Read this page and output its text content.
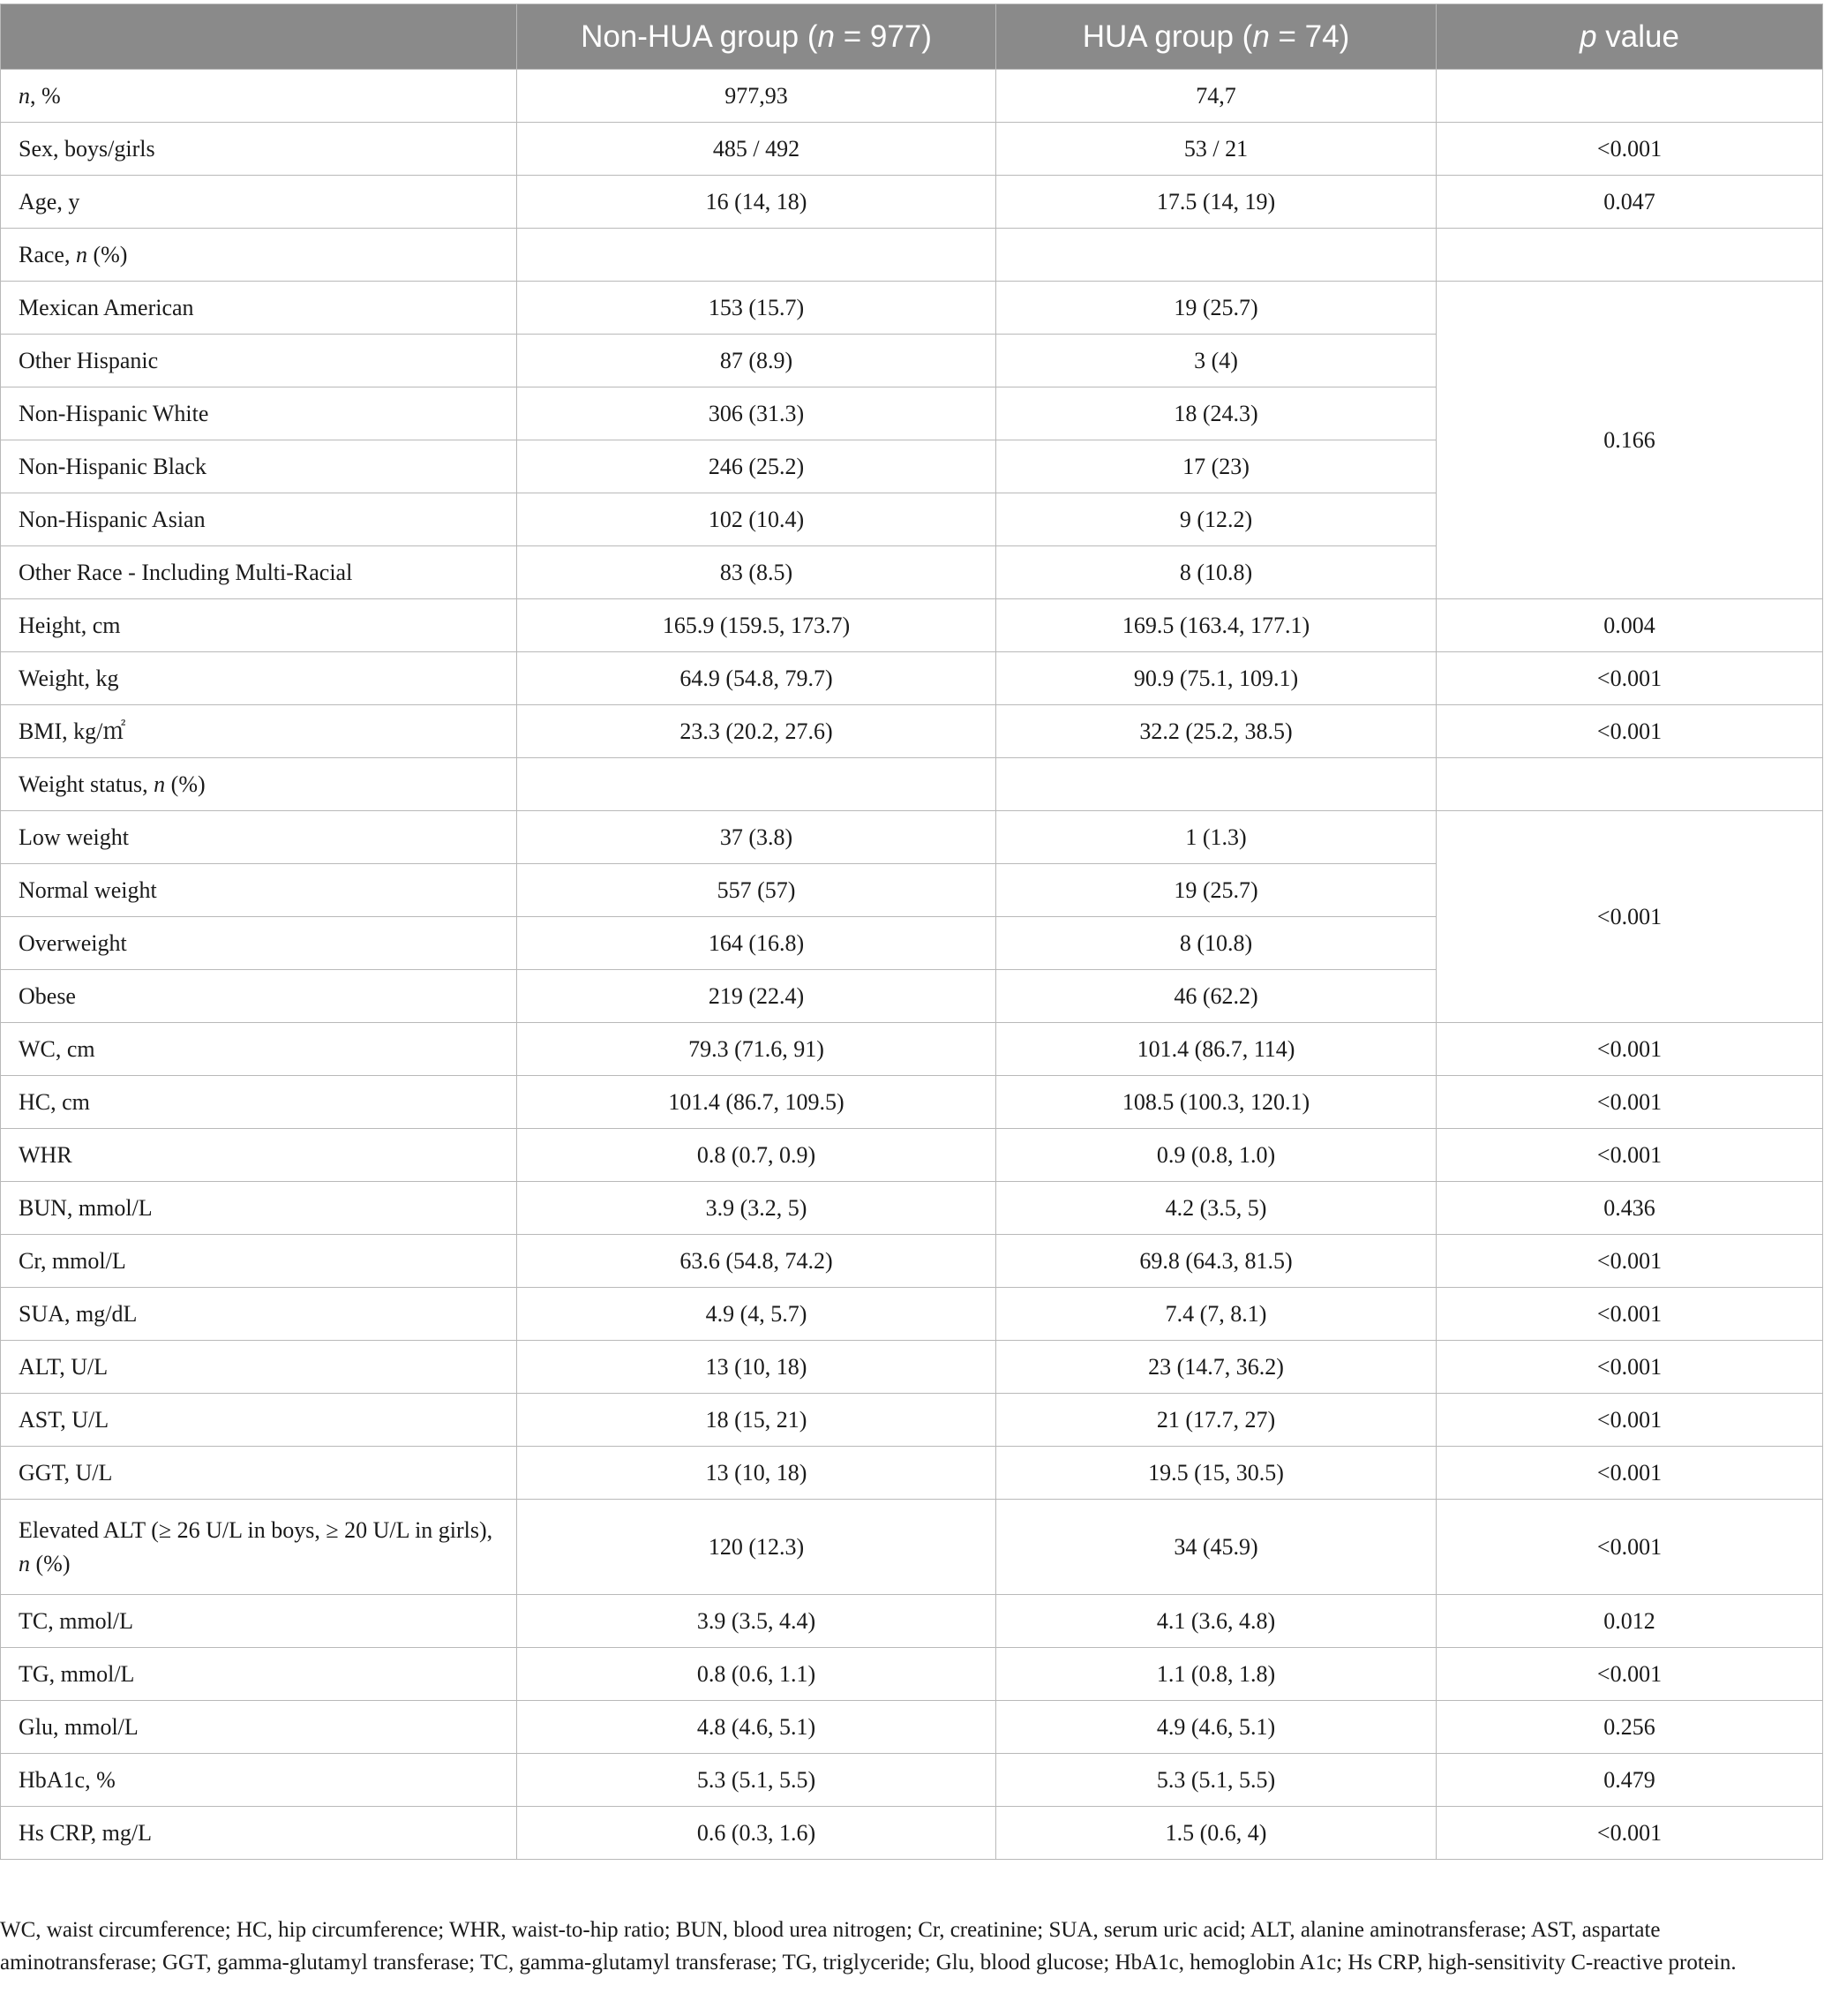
	Non-HUA group (n = 977)	HUA group (n = 74)	p value
n, %	977,93	74,7	
Sex, boys/girls	485 / 492	53 / 21	<0.001
Age, y	16 (14, 18)	17.5 (14, 19)	0.047
Race, n (%)			
Mexican American	153 (15.7)	19 (25.7)	0.166
Other Hispanic	87 (8.9)	3 (4)	
Non-Hispanic White	306 (31.3)	18 (24.3)	
Non-Hispanic Black	246 (25.2)	17 (23)	
Non-Hispanic Asian	102 (10.4)	9 (12.2)	
Other Race - Including Multi-Racial	83 (8.5)	8 (10.8)	
Height, cm	165.9 (159.5, 173.7)	169.5 (163.4, 177.1)	0.004
Weight, kg	64.9 (54.8, 79.7)	90.9 (75.1, 109.1)	<0.001
BMI, kg/㎡	23.3 (20.2, 27.6)	32.2 (25.2, 38.5)	<0.001
Weight status, n (%)			
Low weight	37 (3.8)	1 (1.3)	<0.001
Normal weight	557 (57)	19 (25.7)	
Overweight	164 (16.8)	8 (10.8)	
Obese	219 (22.4)	46 (62.2)	
WC, cm	79.3 (71.6, 91)	101.4 (86.7, 114)	<0.001
HC, cm	101.4 (86.7, 109.5)	108.5 (100.3, 120.1)	<0.001
WHR	0.8 (0.7, 0.9)	0.9 (0.8, 1.0)	<0.001
BUN, mmol/L	3.9 (3.2, 5)	4.2 (3.5, 5)	0.436
Cr, mmol/L	63.6 (54.8, 74.2)	69.8 (64.3, 81.5)	<0.001
SUA, mg/dL	4.9 (4, 5.7)	7.4 (7, 8.1)	<0.001
ALT, U/L	13 (10, 18)	23 (14.7, 36.2)	<0.001
AST, U/L	18 (15, 21)	21 (17.7, 27)	<0.001
GGT, U/L	13 (10, 18)	19.5 (15, 30.5)	<0.001
Elevated ALT (≥ 26 U/L in boys, ≥ 20 U/L in girls), n (%)	120 (12.3)	34 (45.9)	<0.001
TC, mmol/L	3.9 (3.5, 4.4)	4.1 (3.6, 4.8)	0.012
TG, mmol/L	0.8 (0.6, 1.1)	1.1 (0.8, 1.8)	<0.001
Glu, mmol/L	4.8 (4.6, 5.1)	4.9 (4.6, 5.1)	0.256
HbA1c, %	5.3 (5.1, 5.5)	5.3 (5.1, 5.5)	0.479
Hs CRP, mg/L	0.6 (0.3, 1.6)	1.5 (0.6, 4)	<0.001
WC, waist circumference; HC, hip circumference; WHR, waist-to-hip ratio; BUN, blood urea nitrogen; Cr, creatinine; SUA, serum uric acid; ALT, alanine aminotransferase; AST, aspartate aminotransferase; GGT, gamma-glutamyl transferase; TC, gamma-glutamyl transferase; TG, triglyceride; Glu, blood glucose; HbA1c, hemoglobin A1c; Hs CRP, high-sensitivity C-reactive protein.
